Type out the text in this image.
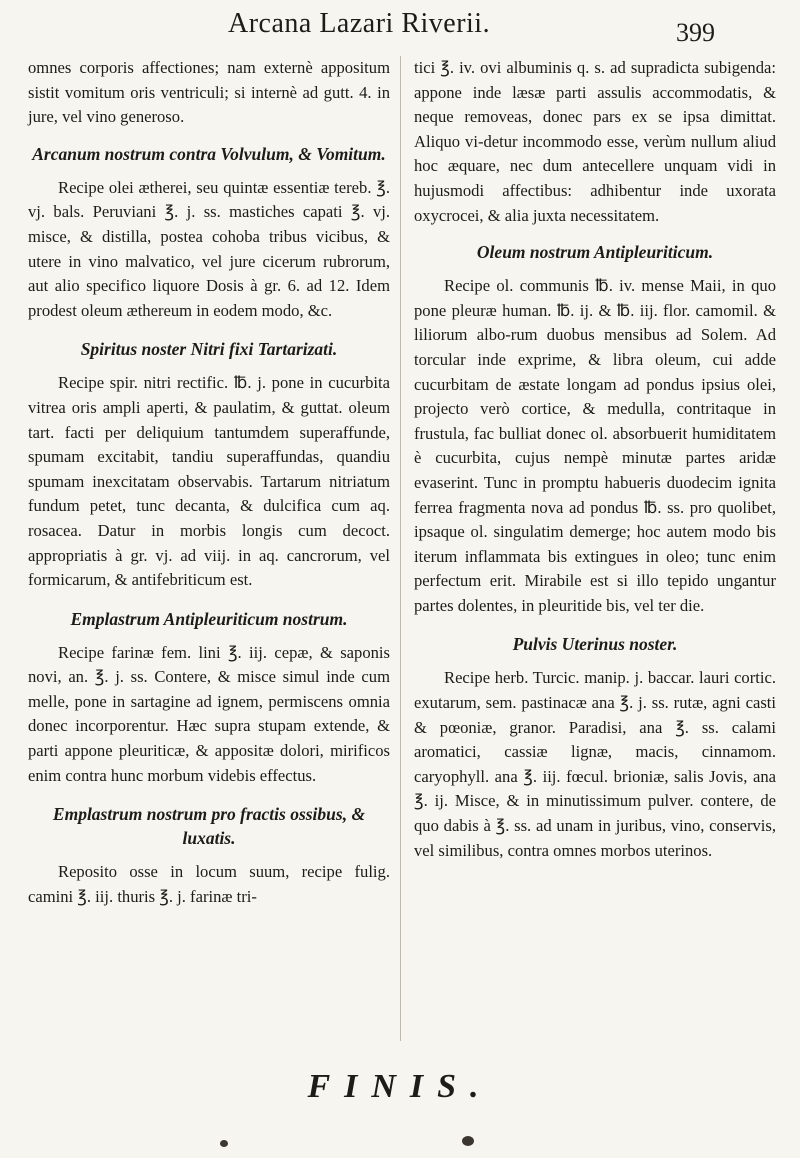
Arcana Lazari Riverii.	399

omnes corporis affectiones; nam externè appositum sistit vomitum oris ventriculi; si internè ad gutt. 4. in jure, vel vino generoso.

Arcanum nostrum contra Volvulum, & Vomitum.

Recipe olei ætherei, seu quintæ essentiæ tereb. ℥. vj. bals. Peruviani ℥. j. ss. mastiches capati ℥. vj. misce, & distilla, postea cohoba tribus vicibus, & utere in vino malvatico, vel jure cicerum rubrorum, aut alio specifico liquore Dosis à gr. 6. ad 12. Idem prodest oleum æthereum in eodem modo, &c.

Spiritus noster Nitri fixi Tartarizati.

Recipe spir. nitri rectific. ℔. j. pone in cucurbita vitrea oris ampli aperti, & paulatim, & guttat. oleum tart. facti per deliquium tantumdem superaffunde, spumam excitabit, tandiu superaffundas, quandiu spumam inexcitatam observabis. Tartarum nitriatum fundum petet, tunc decanta, & dulcifica cum aq. rosacea. Datur in morbis longis cum decoct. appropriatis à gr. vj. ad viij. in aq. cancrorum, vel formicarum, & antifebriticum est.

Emplastrum Antipleuriticum nostrum.

Recipe farinæ fem. lini ℥. iij. cepæ, & saponis novi, an. ℥. j. ss. Contere, & misce simul inde cum melle, pone in sartagine ad ignem, permiscens omnia donec incorporentur. Hæc supra stupam extende, & parti appone pleuriticæ, & appositæ dolori, mirificos enim contra hunc morbum videbis effectus.

Emplastrum nostrum pro fractis ossibus, & luxatis.

Reposito osse in locum suum, recipe fulig. camini ℥. iij. thuris ℥. j. farinæ tri-

tici ℥. iv. ovi albuminis q. s. ad supradicta subigenda: appone inde læsæ parti assulis accommodatis, & neque removeas, donec pars ex se ipsa dimittat. Aliquo vi-detur incommodo esse, verùm nullum aliud hoc æquare, nec dum antecellere unquam vidi in hujusmodi affectibus: adhibentur inde uxorata oxycrocei, & alia juxta necessitatem.

Oleum nostrum Antipleuriticum.

Recipe ol. communis ℔. iv. mense Maii, in quo pone pleuræ human. ℔. ij. & ℔. iij. flor. camomil. & liliorum albo-rum duobus mensibus ad Solem. Ad torcular inde exprime, & libra oleum, cui adde cucurbitam de æstate longam ad pondus ipsius olei, projecto verò cortice, & medulla, contritaque in frustula, fac bulliat donec ol. absorbuerit humiditatem è cucurbita, cujus nempè minutæ partes aridæ evaserint. Tunc in promptu habueris duodecim ignita ferrea fragmenta nova ad pondus ℔. ss. pro quolibet, ipsaque ol. singulatim demerge; hoc autem modo bis iterum inflammata bis extingues in oleo; tunc enim perfectum erit. Mirabile est si illo tepido ungantur partes dolentes, in pleuritide bis, vel ter die.

Pulvis Uterinus noster.

Recipe herb. Turcic. manip. j. baccar. lauri cortic. exutarum, sem. pastinacæ ana ℥. j. ss. rutæ, agni casti & pœoniæ, granor. Paradisi, ana ℥. ss. calami aromatici, cassiæ lignæ, macis, cinnamom. caryophyll. ana ℥. iij. fœcul. brioniæ, salis Jovis, ana ℥. ij. Misce, & in minutissimum pulver. contere, de quo dabis à ℥. ss. ad unam in juribus, vino, conservis, vel similibus, contra omnes morbos uterinos.

FINIS.
